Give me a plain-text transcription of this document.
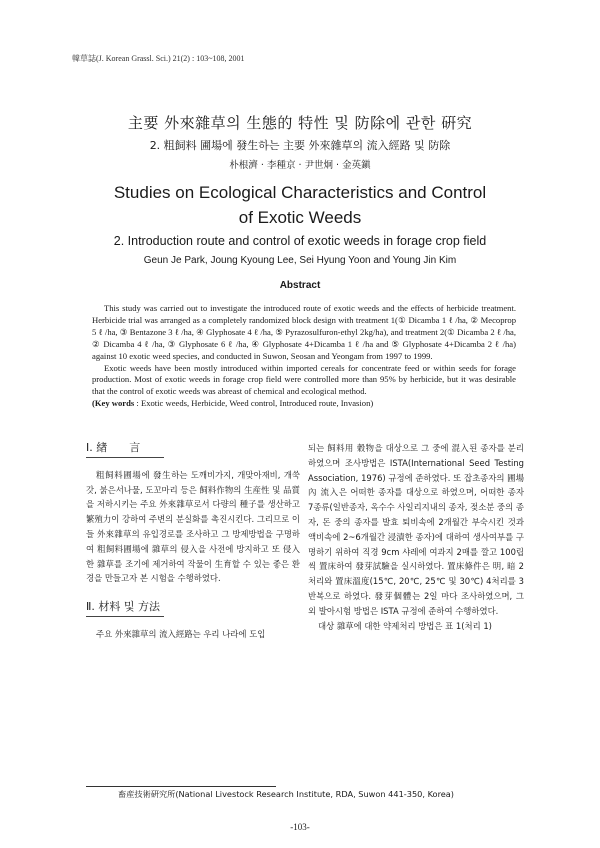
韓草誌(J. Korean Grassl. Sci.) 21(2) : 103~108, 2001
主要 外來雜草의 生態的 特性 및 防除에 관한 硏究
2. 粗飼料 圃場에 發生하는 主要 外來雜草의 流入經路 및 防除
朴根濟 · 李種京 · 尹世炯 · 金英鎭
Studies on Ecological Characteristics and Control
of Exotic Weeds
2. Introduction route and control of exotic weeds in forage crop field
Geun Je Park, Joung Kyoung Lee, Sei Hyung Yoon and Young Jin Kim
Abstract

This study was carried out to investigate the introduced route of exotic weeds and the effects of herbicide treatment. Herbicide trial was arranged as a completely randomized block design with treatment 1(① Dicamba 1 ℓ /ha, ② Mecoprop 5 ℓ /ha, ③ Bentazone 3 ℓ /ha, ④ Glyphosate 4 ℓ /ha, ⑤ Pyrazosulfuron-ethyl 2kg/ha), and treatment 2(① Dicamba 2 ℓ /ha, ② Dicamba 4 ℓ /ha, ③ Glyphosate 6 ℓ /ha, ④ Glyphosate 4+Dicamba 1 ℓ /ha and ⑤ Glyphosate 4+Dicamba 2 ℓ /ha) against 10 exotic weed species, and conducted in Suwon, Seosan and Yeongam from 1997 to 1999.

Exotic weeds have been mostly introduced within imported cereals for concentrate feed or within seeds for forage production. Most of exotic weeds in forage crop field were controlled more than 95% by herbicide, but it was desirable that the control of exotic weeds was abreast of chemical and ecological method.

(Key words : Exotic weeds, Herbicide, Weed control, Introduced route, Invasion)
Ⅰ. 緖　　言

粗飼料圃場에 發生하는 도깨비가지, 개맞아재비, 개쑥갓, 붉은서나물, 도꼬마리 등은 飼料作物의 生産性 및 品質을 저하시키는 주요 外來雜草로서 다량의 種子를 생산하고 繁殖力이 강하여 주변의 분실화를 촉진시킨다. 그리므로 이들 外來雜草의 유입경로를 조사하고 그 방제방법을 구명하여 粗飼料圃場에 雜草의 侵入을 사전에 방지하고 또 侵入한 雜草를 조기에 제거하여 작물이 生育할 수 있는 좋은 환경을 만들고자 본 시험을 수행하였다.

Ⅱ. 材料 및 方法

주요 外來雜草의 流入經路는 우리 나라에 도입

되는 飼料用 穀物을 대상으로 그 중에 混入된 종자를 분리하였으며 조사방법은 ISTA(International Seed Testing Association, 1976) 규정에 준하였다. 또 잡초종자의 圃場 內 流入은 어떠한 종자를 대상으로 하였으며, 어떠한 종자 7종류(일반종자, 옥수수 사일리지내의 종자, 젖소분 중의 종자, 돈 중의 종자를 발효 퇴비속에 2개월간 부숙시킨 것과 액비속에 2~6개월간 浸漬한 종자)에 대하여 생사여부를 구명하기 위하여 직경 9cm 샤레에 여과지 2매를 깔고 100립씩 置床하여 發芽試驗을 실시하였다. 置床條件은 明, 暗 2처리와 置床溫度(15℃, 20℃, 25℃ 및 30℃) 4처리를 3반복으로 하였다. 發芽個體는 2일 마다 조사하였으며, 그 외 발아시험 방법은 ISTA 규정에 준하여 수행하였다.

대상 雜草에 대한 약제처리 방법은 표 1(처리 1)

畜産技術硏究所(National Livestock Research Institute, RDA, Suwon 441-350, Korea)
-103-
